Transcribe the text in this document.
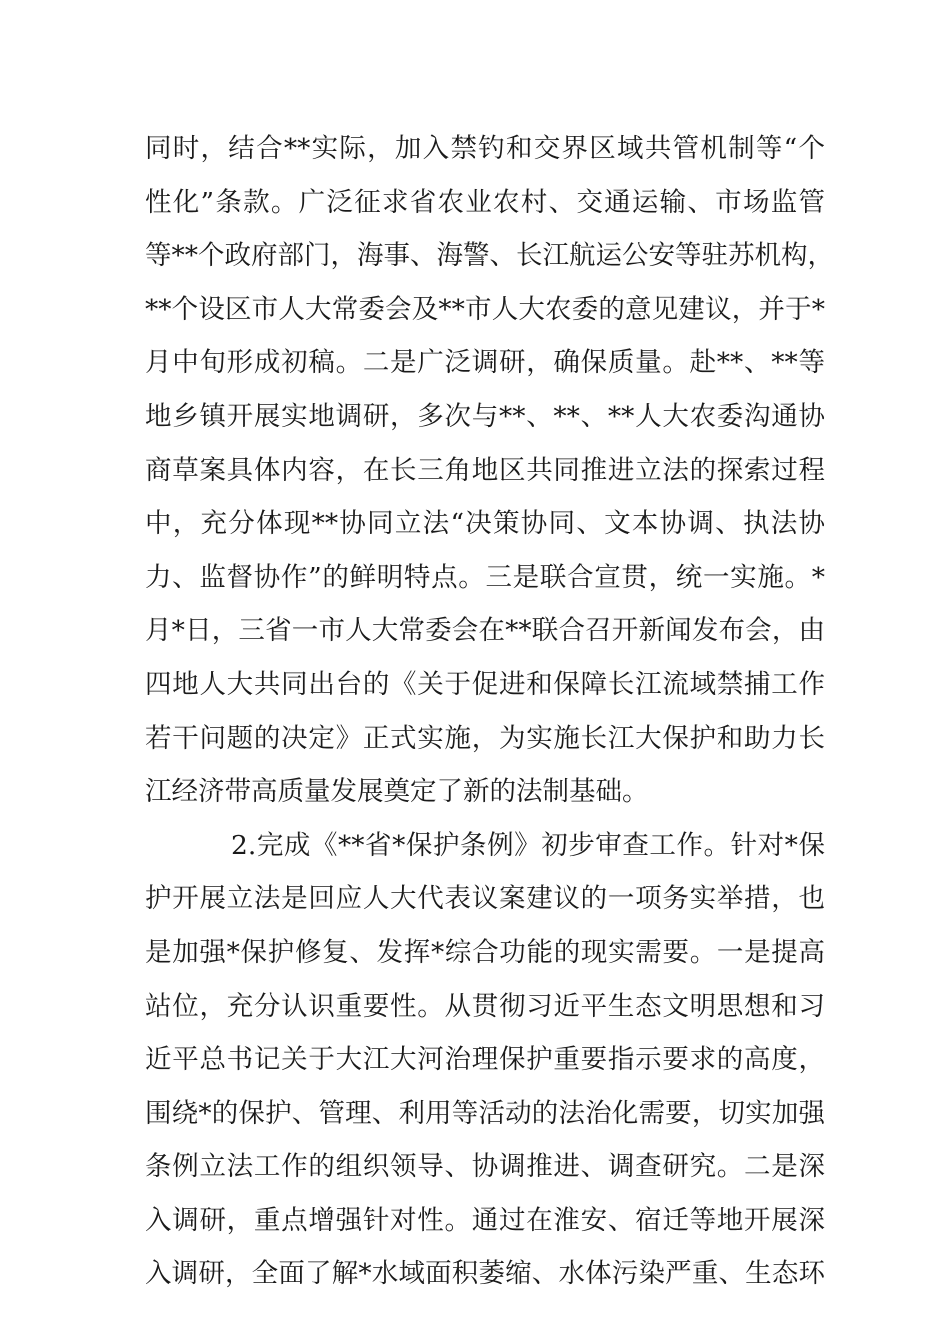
同时，结合**实际，加入禁钓和交界区域共管机制等“个
性化”条款。广泛征求省农业农村、交通运输、市场监管
等**个政府部门，海事、海警、长江航运公安等驻苏机构，
**个设区市人大常委会及**市人大农委的意见建议，并于*
月中旬形成初稿。二是广泛调研，确保质量。赴**、**等
地乡镇开展实地调研，多次与**、**、**人大农委沟通协
商草案具体内容，在长三角地区共同推进立法的探索过程
中，充分体现**协同立法“决策协同、文本协调、执法协
力、监督协作”的鲜明特点。三是联合宣贯，统一实施。*
月*日，三省一市人大常委会在**联合召开新闻发布会，由
四地人大共同出台的《关于促进和保障长江流域禁捕工作
若干问题的决定》正式实施，为实施长江大保护和助力长
江经济带高质量发展奠定了新的法制基础。
2.完成《**省*保护条例》初步审查工作。针对*保
护开展立法是回应人大代表议案建议的一项务实举措，也
是加强*保护修复、发挥*综合功能的现实需要。一是提高
站位，充分认识重要性。从贯彻习近平生态文明思想和习
近平总书记关于大江大河治理保护重要指示要求的高度，
围绕*的保护、管理、利用等活动的法治化需要，切实加强
条例立法工作的组织领导、协调推进、调查研究。二是深
入调研，重点增强针对性。通过在淮安、宿迁等地开展深
入调研，全面了解*水域面积萎缩、水体污染严重、生态环
